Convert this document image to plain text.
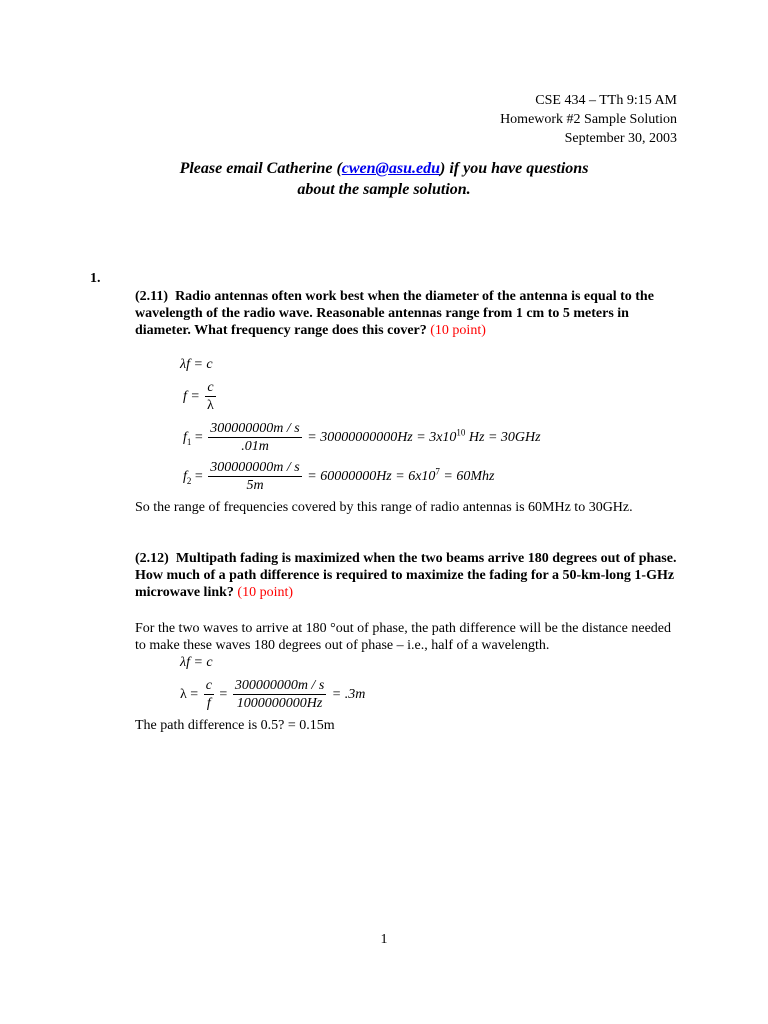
CSE 434 – TTh 9:15 AM
Homework #2 Sample Solution
September 30, 2003
Please email Catherine (cwen@asu.edu) if you have questions
about the sample solution.
1.
(2.11) Radio antennas often work best when the diameter of the antenna is equal to the wavelength of the radio wave. Reasonable antennas range from 1 cm to 5 meters in diameter. What frequency range does this cover? (10 point)
λf = c
$f = \frac{c}{\lambda}$
$f_1 = \frac{300000000m / s}{.01m} = 30000000000Hz = 3x10^{10}$ Hz = 30GHz
$f_2 = \frac{300000000m / s}{5m} = 60000000Hz = 6x10^7 = 60Mhz$
So the range of frequencies covered by this range of radio antennas is 60MHz to 30GHz.
(2.12) Multipath fading is maximized when the two beams arrive 180 degrees out of phase. How much of a path difference is required to maximize the fading for a 50-km-long 1-GHz microwave link? (10 point)
For the two waves to arrive at 180 °out of phase, the path difference will be the distance needed to make these waves 180 degrees out of phase – i.e., half of a wavelength.
λf = c
$\lambda = \frac{c}{f} = \frac{300000000m / s}{1000000000Hz} = .3m$
The path difference is 0.5? = 0.15m
1
